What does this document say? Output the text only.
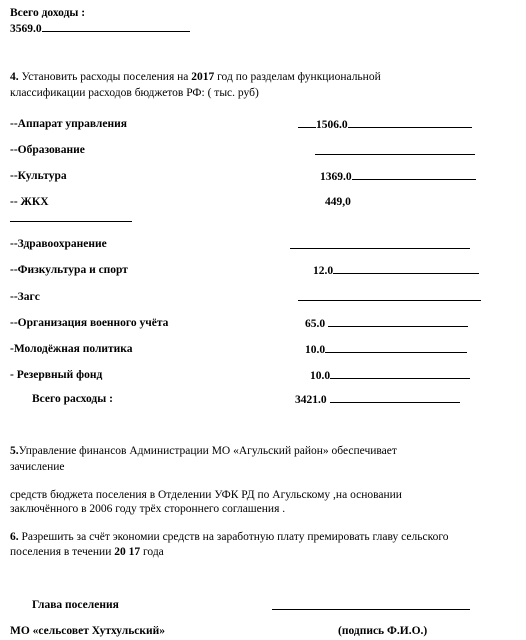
Всего доходы :
3569.0
4. Установить расходы поселения на 2017 год по разделам функциональной
классификации расходов бюджетов РФ: ( тыс. руб)
--Аппарат управления	1506.0
--Образование
--Культура	1369.0
-- ЖКХ	449,0
--Здравоохранение
--Физкультура и спорт	12.0
--Загс
--Организация военного учёта	65.0
-Молодёжная политика	10.0
- Резервный фонд	10.0
Всего расходы :	3421.0
5.Управление финансов Администрации МО «Агульский район» обеспечивает
зачисление
средств бюджета поселения в Отделении УФК РД по Агульскому ,на основании
заключённого в 2006 году трёх стороннего соглашения .
6. Разрешить за счёт экономии средств на заработную плату премировать главу сельского
поселения в течении 20 17 года
Глава поселения
МО «сельсовет Хутхульский»	(подпись Ф.И.О.)
